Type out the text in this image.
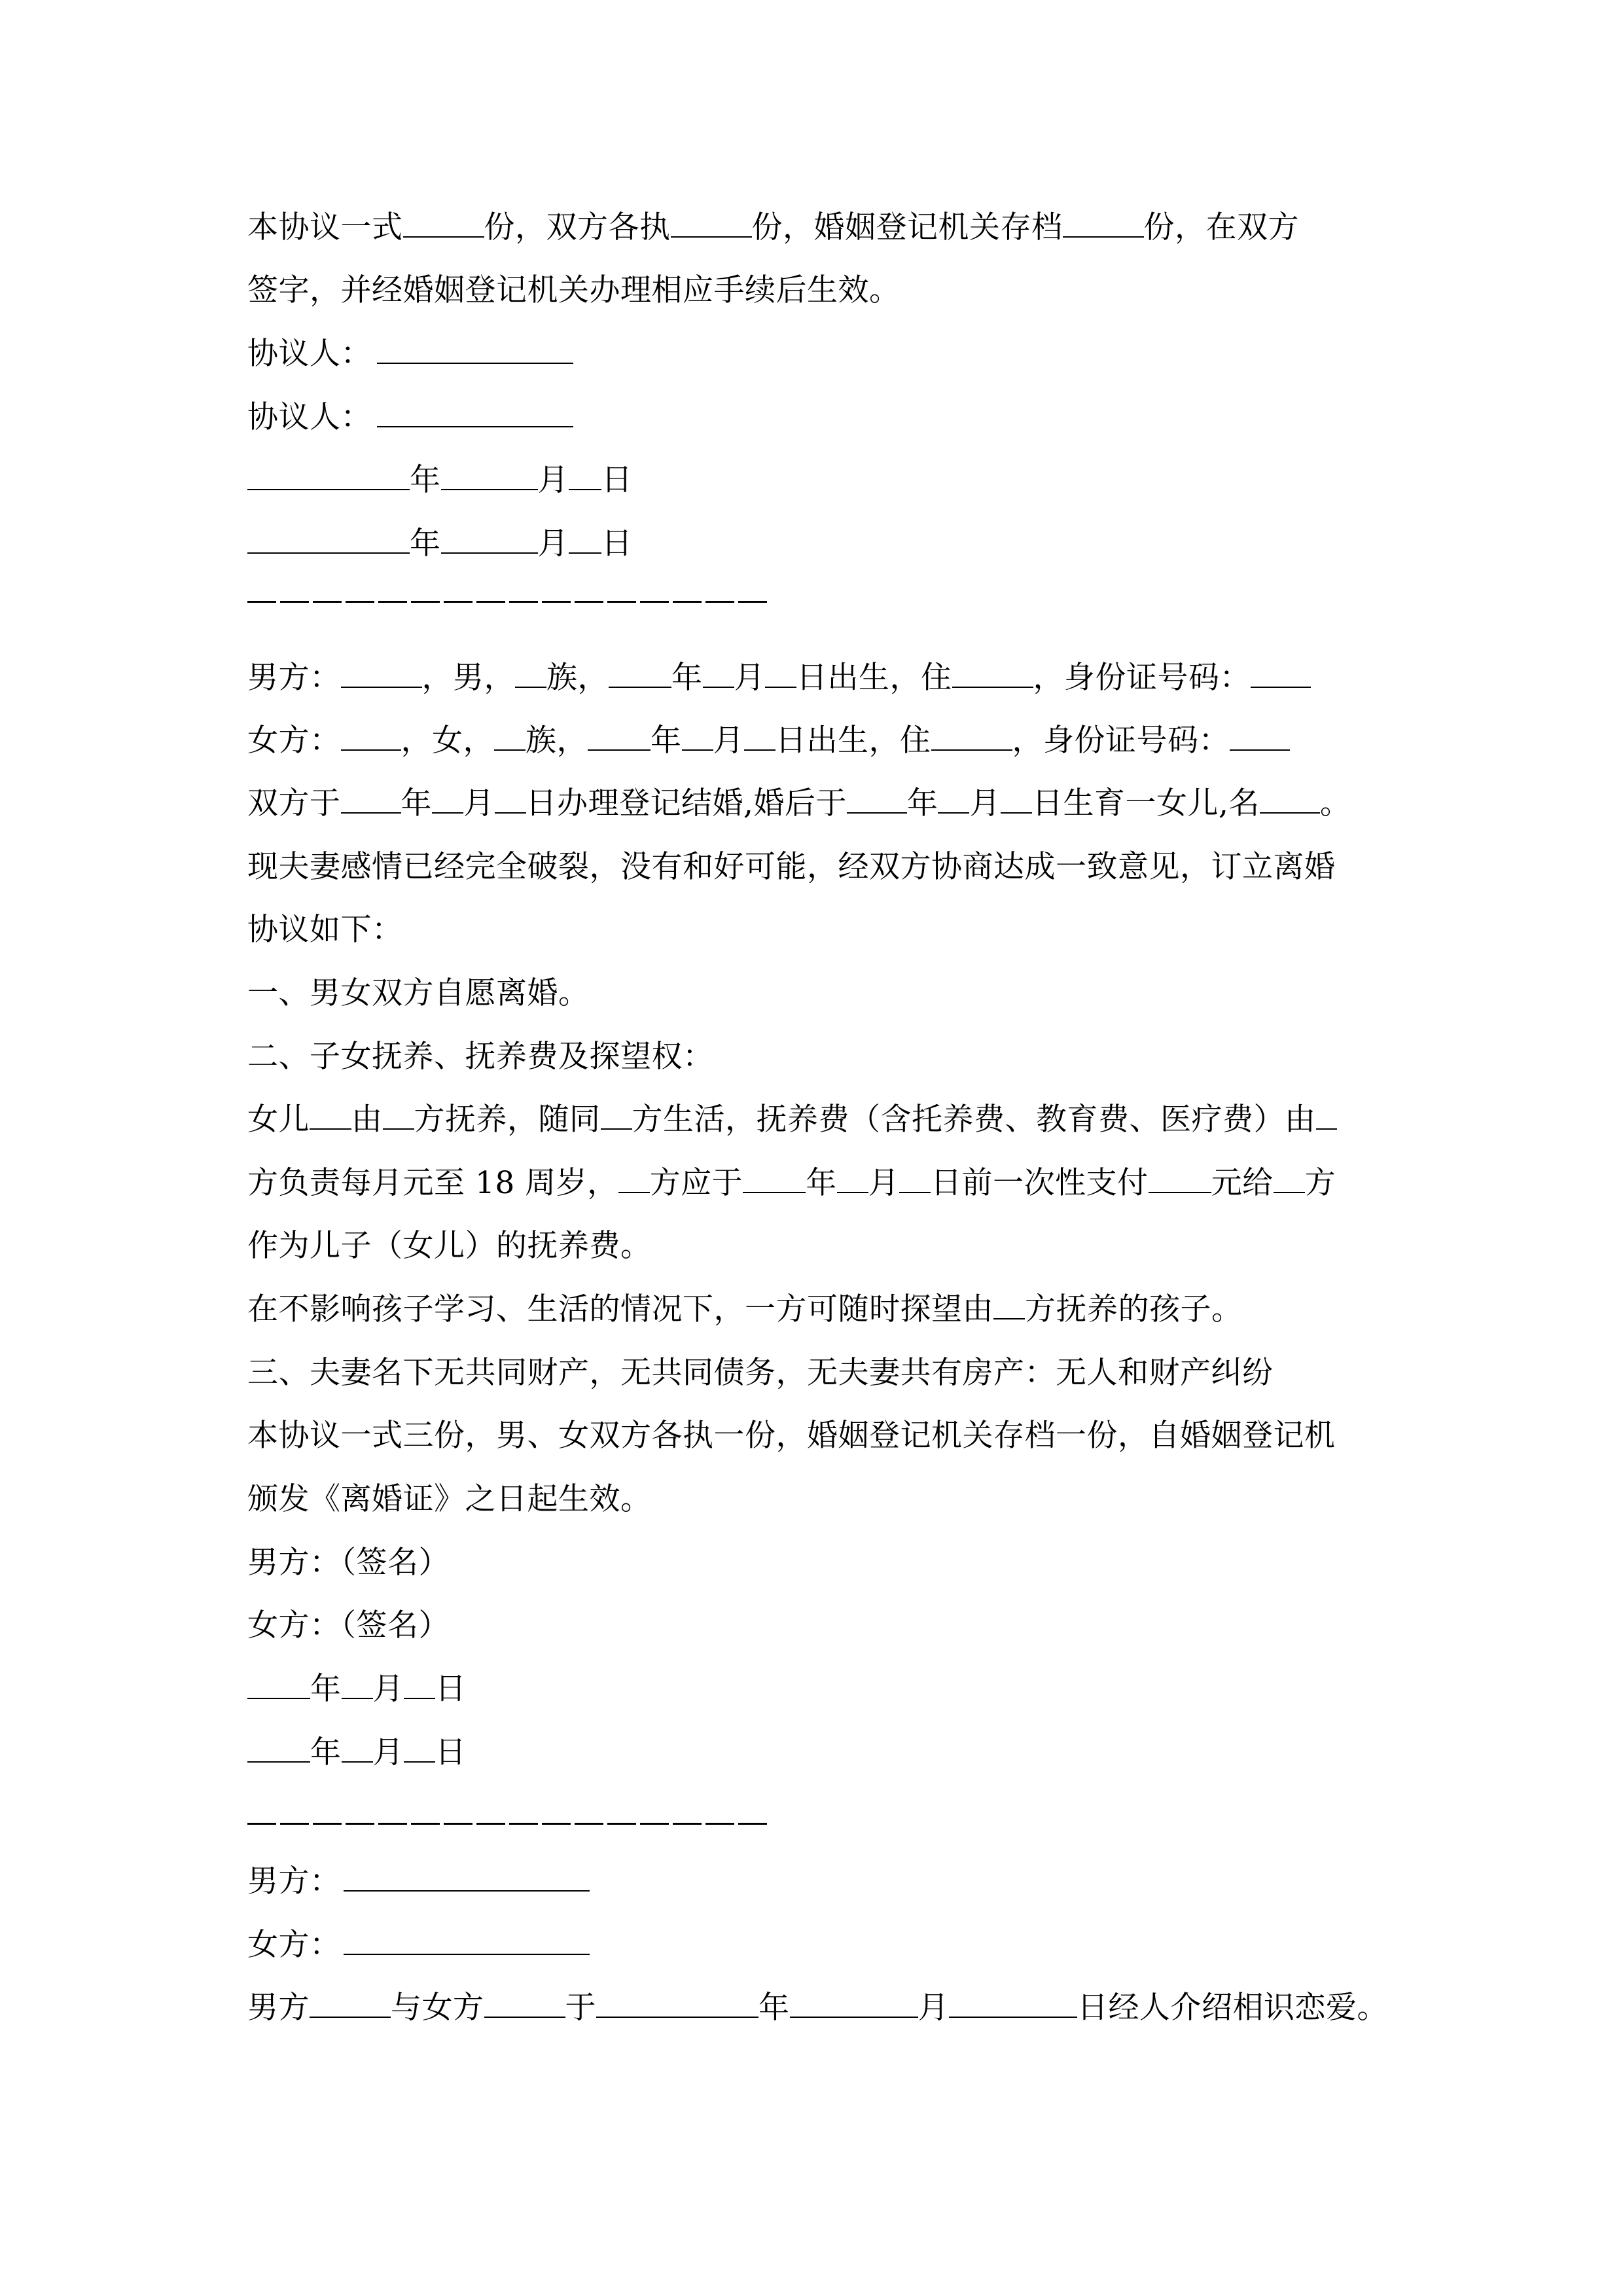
本协议一式	份，双方各执	份，婚姻登记机关存档	份，在双方
签字，并经婚姻登记机关办理相应手续后生效。
协议人：
协议人：
年	月 日
年	月 日
男方：	，男， 族， 年 月 日出生，住	，身份证号码：
女方： ，女， 族， 年 月 日出生，住	，身份证号码：
双方于 年 月 日办理登记结婚,婚后于 年 月 日生育一女儿,名 。
现夫妻感情已经完全破裂，没有和好可能，经双方协商达成一致意见，订立离婚
协议如下：
一、男女双方自愿离婚。
二、子女抚养、抚养费及探望权：
女儿 由 方抚养，随同 方生活，抚养费（含托养费、教育费、医疗费）由
方负责每月元至 18 周岁， 方应于 年 月 日前一次性支付 元给 方
作为儿子（女儿）的抚养费。
在不影响孩子学习、生活的情况下，一方可随时探望由 方抚养的孩子。
三、夫妻名下无共同财产，无共同债务，无夫妻共有房产：无人和财产纠纷
本协议一式三份，男、女双方各执一份，婚姻登记机关存档一份，自婚姻登记机
颁发《离婚证》之日起生效。
男方：（签名）
女方：（签名）
年 月 日
年 月 日
男方：
女方：
男方	与女方	于	年	月	日经人介绍相识恋爱。
